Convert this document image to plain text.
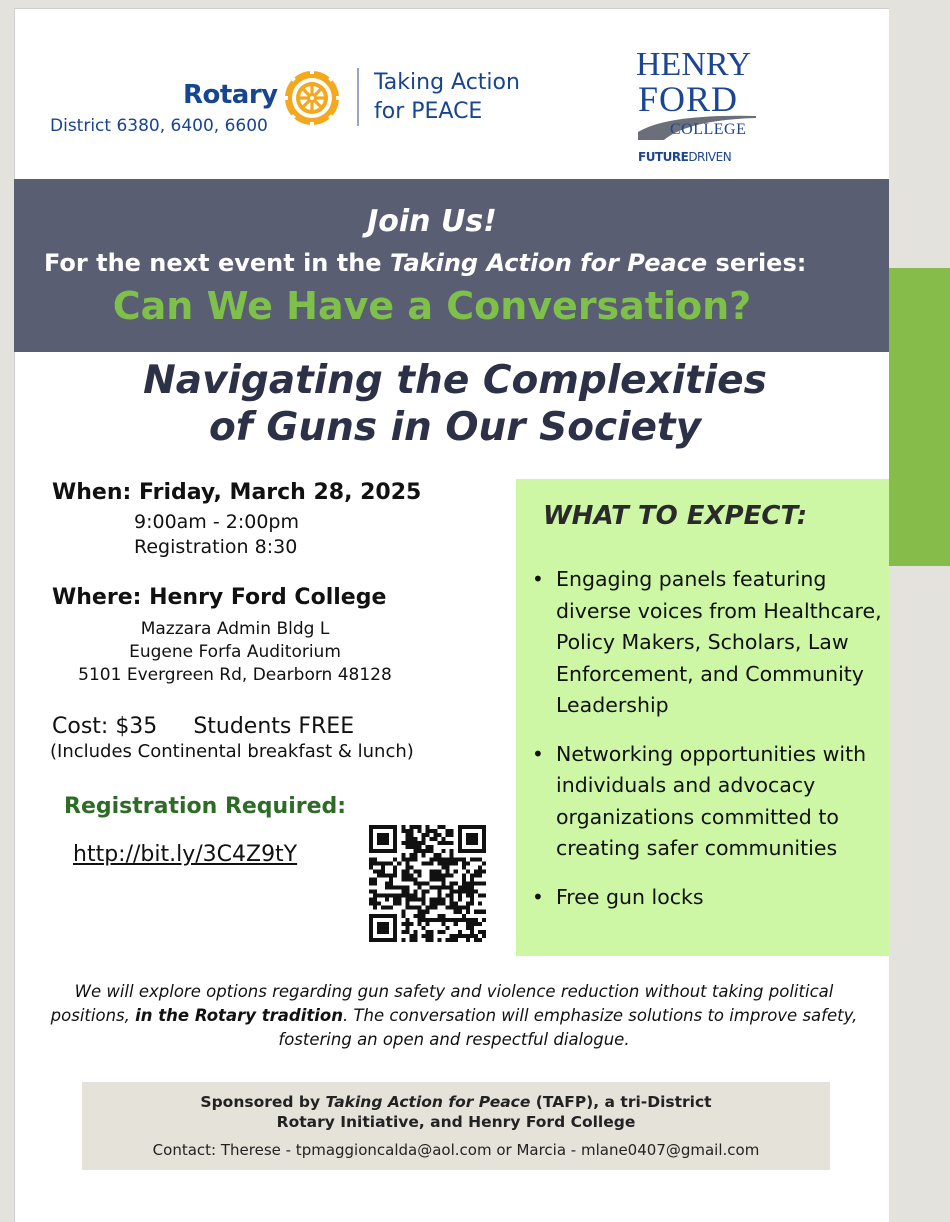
Rotary
District 6380, 6400, 6600
Taking Action
for PEACE
HENRY
FORD
COLLEGE
FUTUREDRIVEN
Join Us!
For the next event in the Taking Action for Peace series:
Can We Have a Conversation?
Navigating the Complexities
of Guns in Our Society
When: Friday, March 28, 2025
9:00am - 2:00pm
Registration 8:30
Where: Henry Ford College
Mazzara Admin Bldg L
Eugene Forfa Auditorium
5101 Evergreen Rd, Dearborn 48128
Cost: $35 Students FREE
(Includes Continental breakfast & lunch)
Registration Required:
http://bit.ly/3C4Z9tY
WHAT TO EXPECT:
• Engaging panels featuring diverse voices from Healthcare, Policy Makers, Scholars, Law Enforcement, and Community Leadership
• Networking opportunities with individuals and advocacy organizations committed to creating safer communities
• Free gun locks
We will explore options regarding gun safety and violence reduction without taking political positions, in the Rotary tradition. The conversation will emphasize solutions to improve safety, fostering an open and respectful dialogue.
Sponsored by Taking Action for Peace (TAFP), a tri-District
Rotary Initiative, and Henry Ford College
Contact: Therese - tpmaggioncalda@aol.com or Marcia - mlane0407@gmail.com
